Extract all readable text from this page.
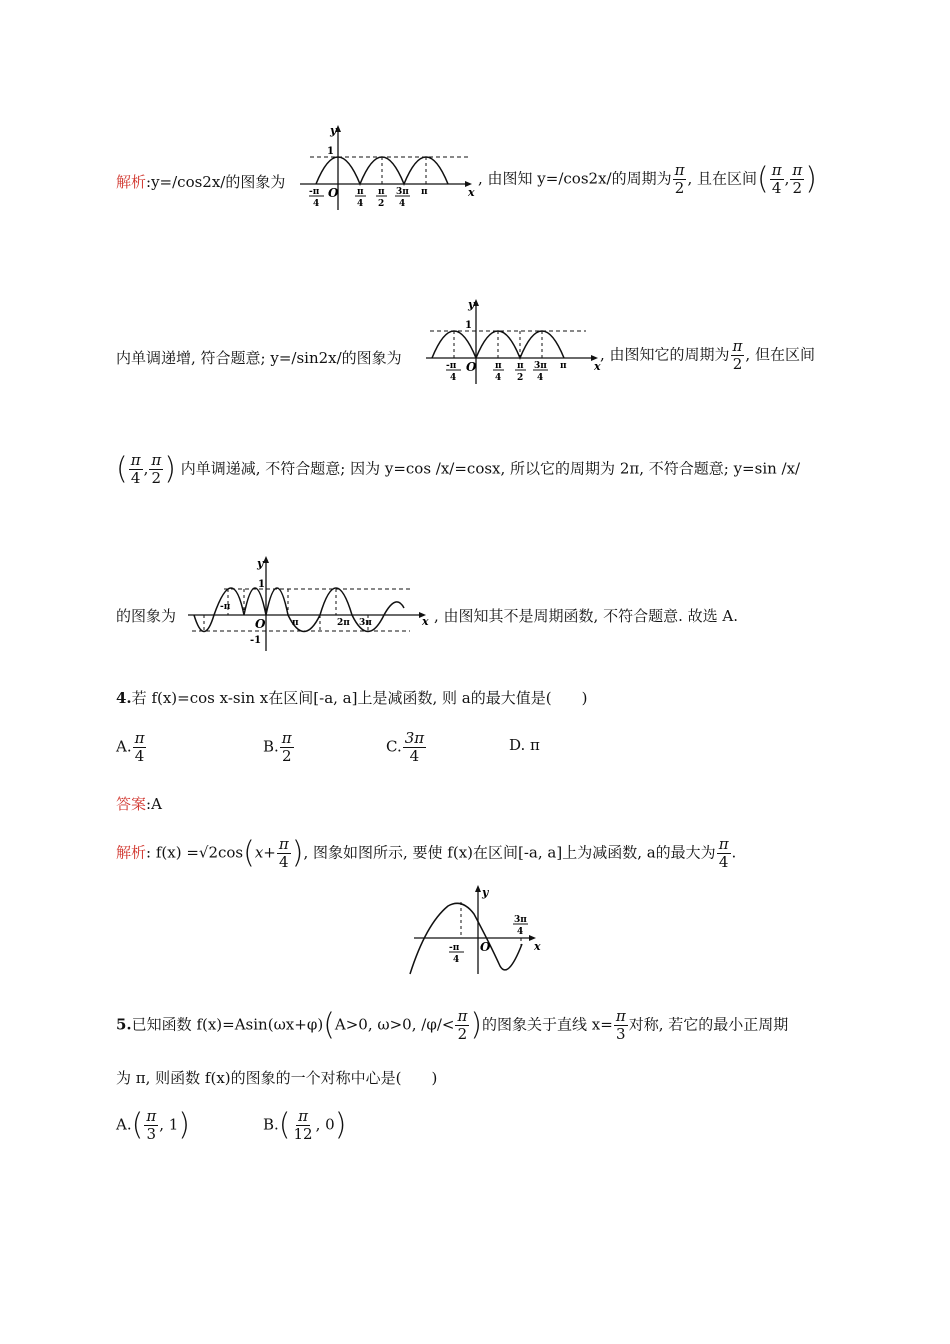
解析:y=/cos2x/的图象为
y
1
x
O
-π
4
π
4
π
2
3π
4
π
, 由图知 y=/cos2x/的周期为 $\frac{\pi}{2}$ , 且在区间( $\frac{\pi}{4}$ , $\frac{\pi}{2}$ )
内单调递增, 符合题意; y=/sin2x/的图象为
y
1
x
O
-π
4
π
4
π
2
3π
4
π
, 由图知它的周期为 $\frac{\pi}{2}$ , 但在区间
( $\frac{\pi}{4}$ , $\frac{\pi}{2}$ ) 内单调递减, 不符合题意; 因为 y=cos /x/=cosx, 所以它的周期为 2π, 不符合题意; y=sin /x/
的图象为
y
1
-1
x
O
-π
π	2π 3π	, 由图知其不是周期函数, 不符合题意. 故选 A.
4.若 f(x)=cos x-sin x在区间[-a, a]上是减函数, 则 a的最大值是(　　)
A. $\frac{\pi}{4}$	B. $\frac{\pi}{2}$	C. $\frac{3\pi}{4}$	D. π
答案:A
解析: $f(x) =√2\cos(x+ \frac{\pi}{4}$ ), 图象如图所示, 要使 f(x)在区间[-a, a]上为减函数, a的最大为 $\frac{\pi}{4}$ .
y
x
O
-π
4
3π
4
5.已知函数 f(x)=Asin(ωx+φ)(A>0, ω>0, $/\varphi/< \frac{\pi}{2}$ )的图象关于直线 $x= \frac{\pi}{3}$ 对称, 若它的最小正周期
为 π, 则函数 f(x)的图象的一个对称中心是(　　)
$A.( \frac{\pi}{3}$ , 1)	$B.( \frac{\pi}{12}$ , 0)
